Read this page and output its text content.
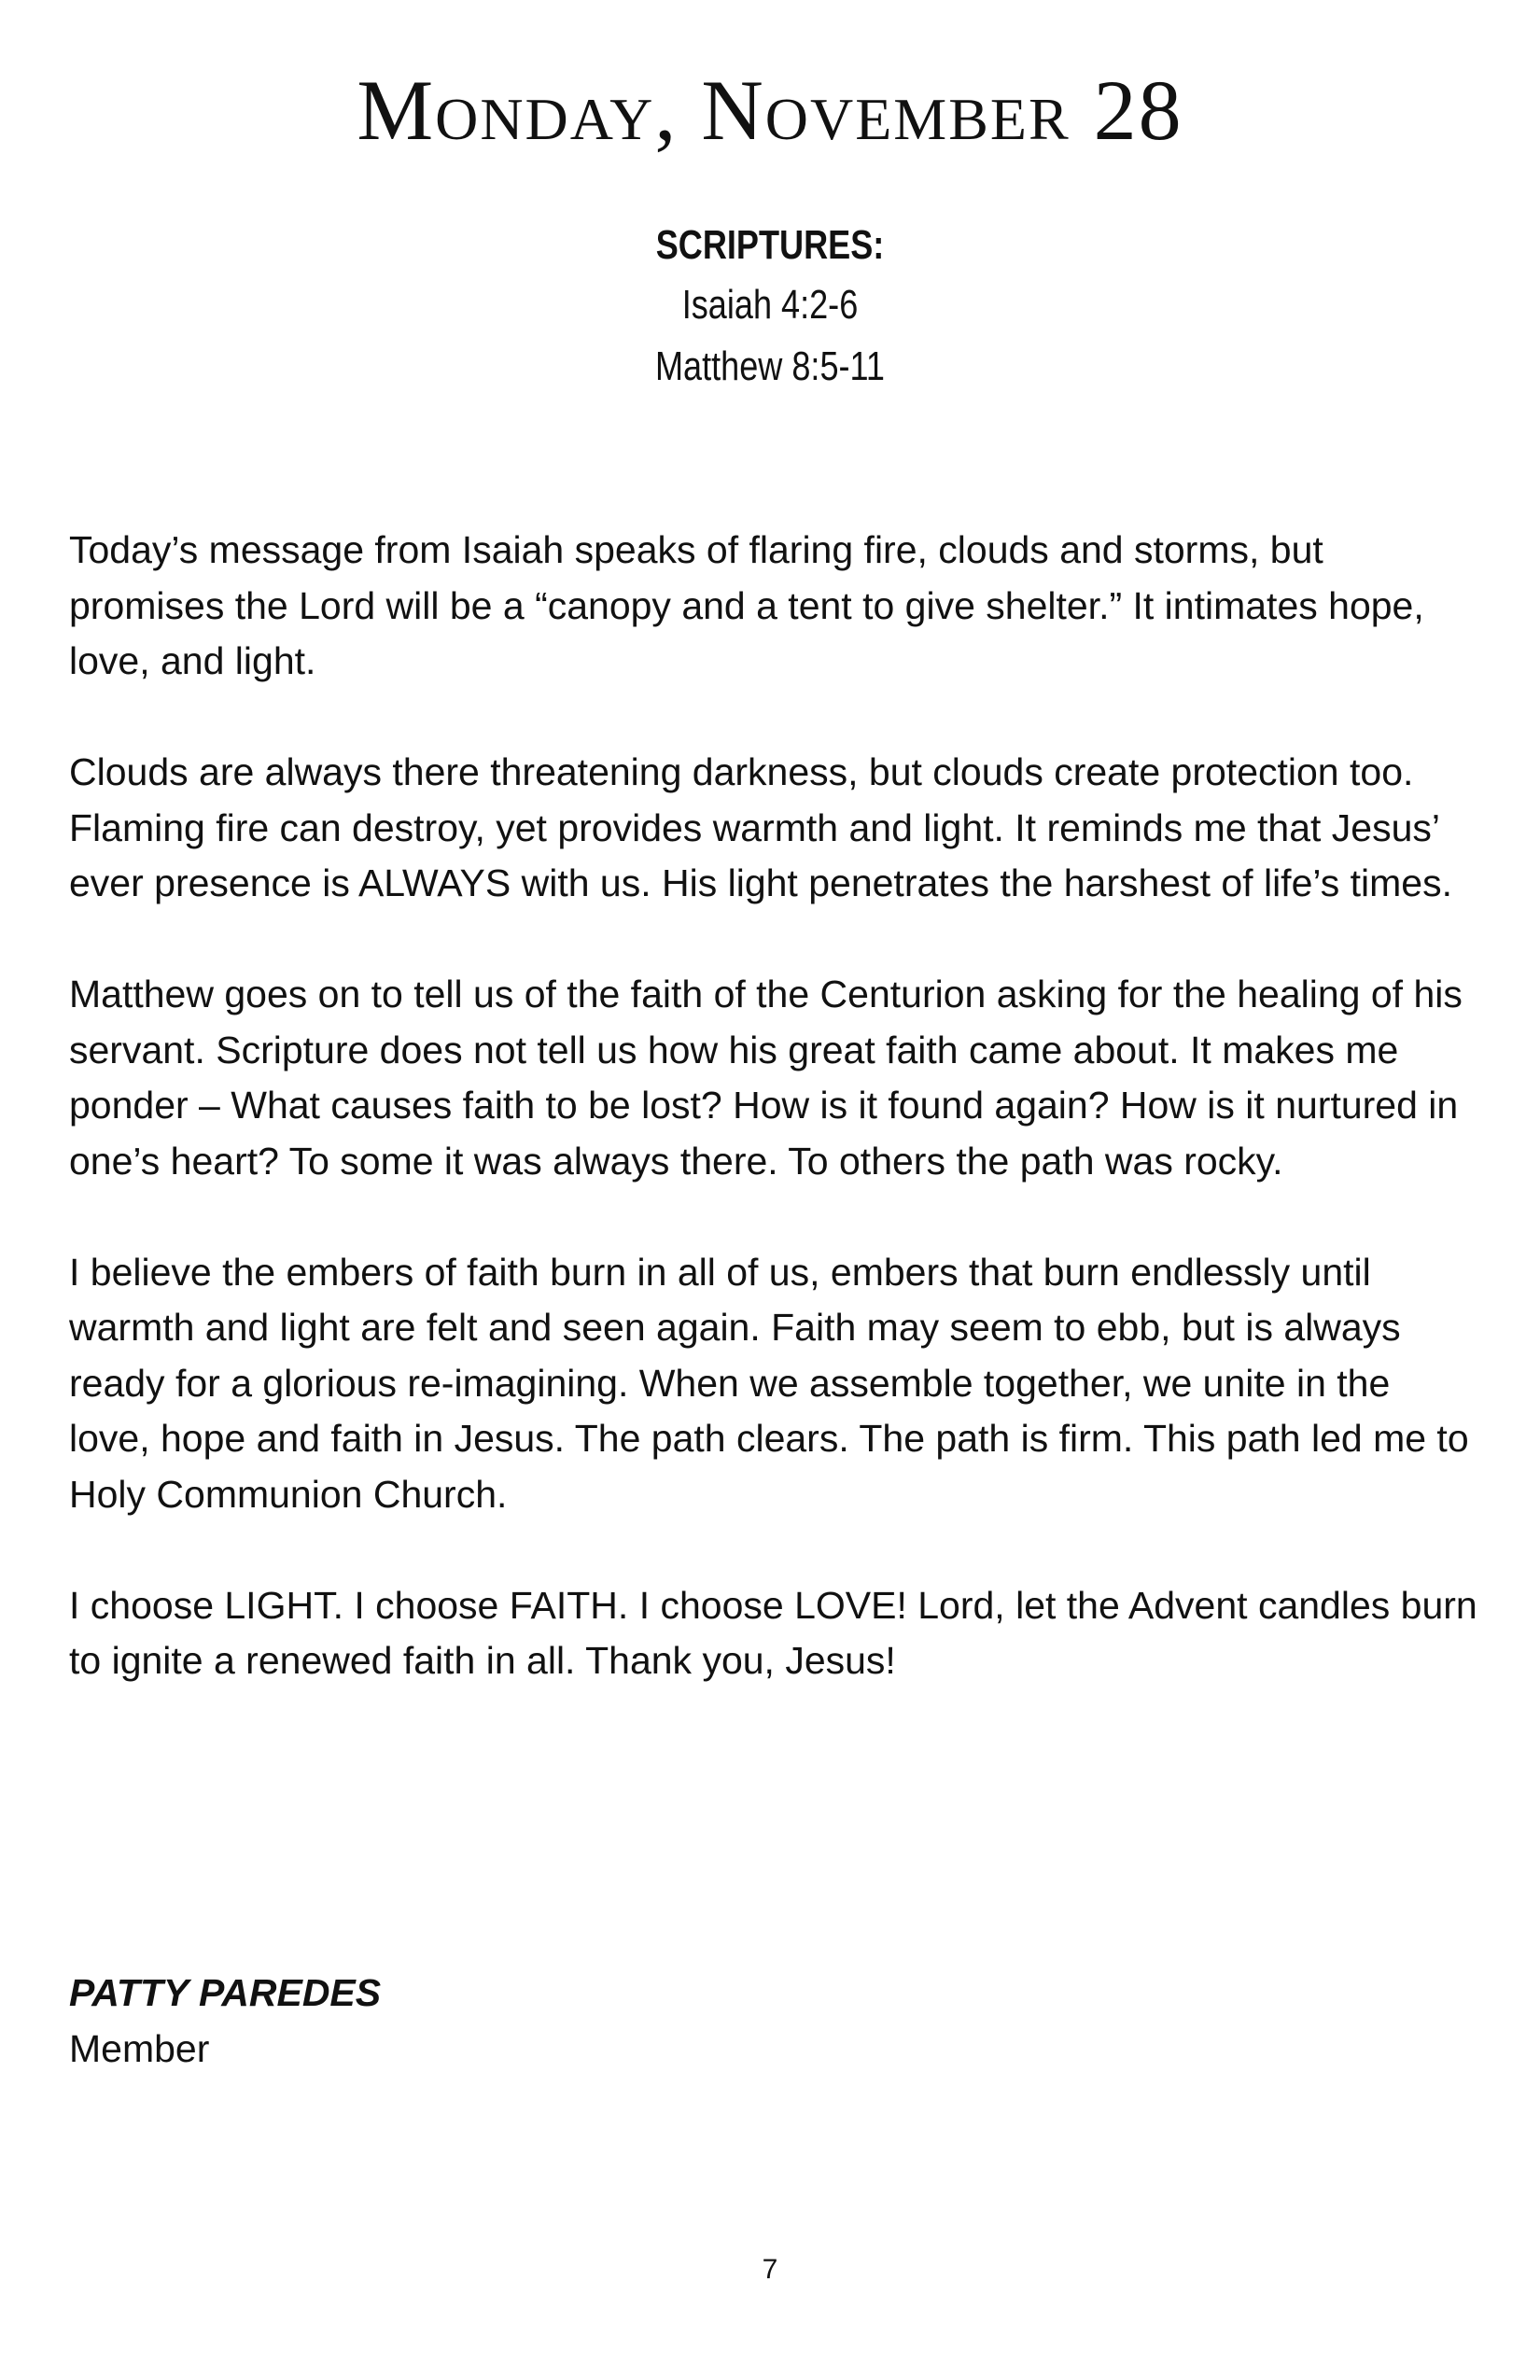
Monday, November 28
SCRIPTURES:
Isaiah 4:2-6
Matthew 8:5-11

Today’s message from Isaiah speaks of flaring fire, clouds and storms, but promises the Lord will be a “canopy and a tent to give shelter.” It intimates hope, love, and light.

Clouds are always there threatening darkness, but clouds create protection too. Flaming fire can destroy, yet provides warmth and light. It reminds me that Jesus’ ever presence is ALWAYS with us. His light penetrates the harshest of life’s times.

Matthew goes on to tell us of the faith of the Centurion asking for the healing of his servant. Scripture does not tell us how his great faith came about. It makes me ponder – What causes faith to be lost? How is it found again? How is it nurtured in one’s heart? To some it was always there. To others the path was rocky.

I believe the embers of faith burn in all of us, embers that burn endlessly until warmth and light are felt and seen again. Faith may seem to ebb, but is always ready for a glorious re-imagining. When we assemble together, we unite in the love, hope and faith in Jesus. The path clears. The path is firm. This path led me to Holy Communion Church.

I choose LIGHT. I choose FAITH. I choose LOVE! Lord, let the Advent candles burn to ignite a renewed faith in all. Thank you, Jesus!

PATTY PAREDES
Member
7
